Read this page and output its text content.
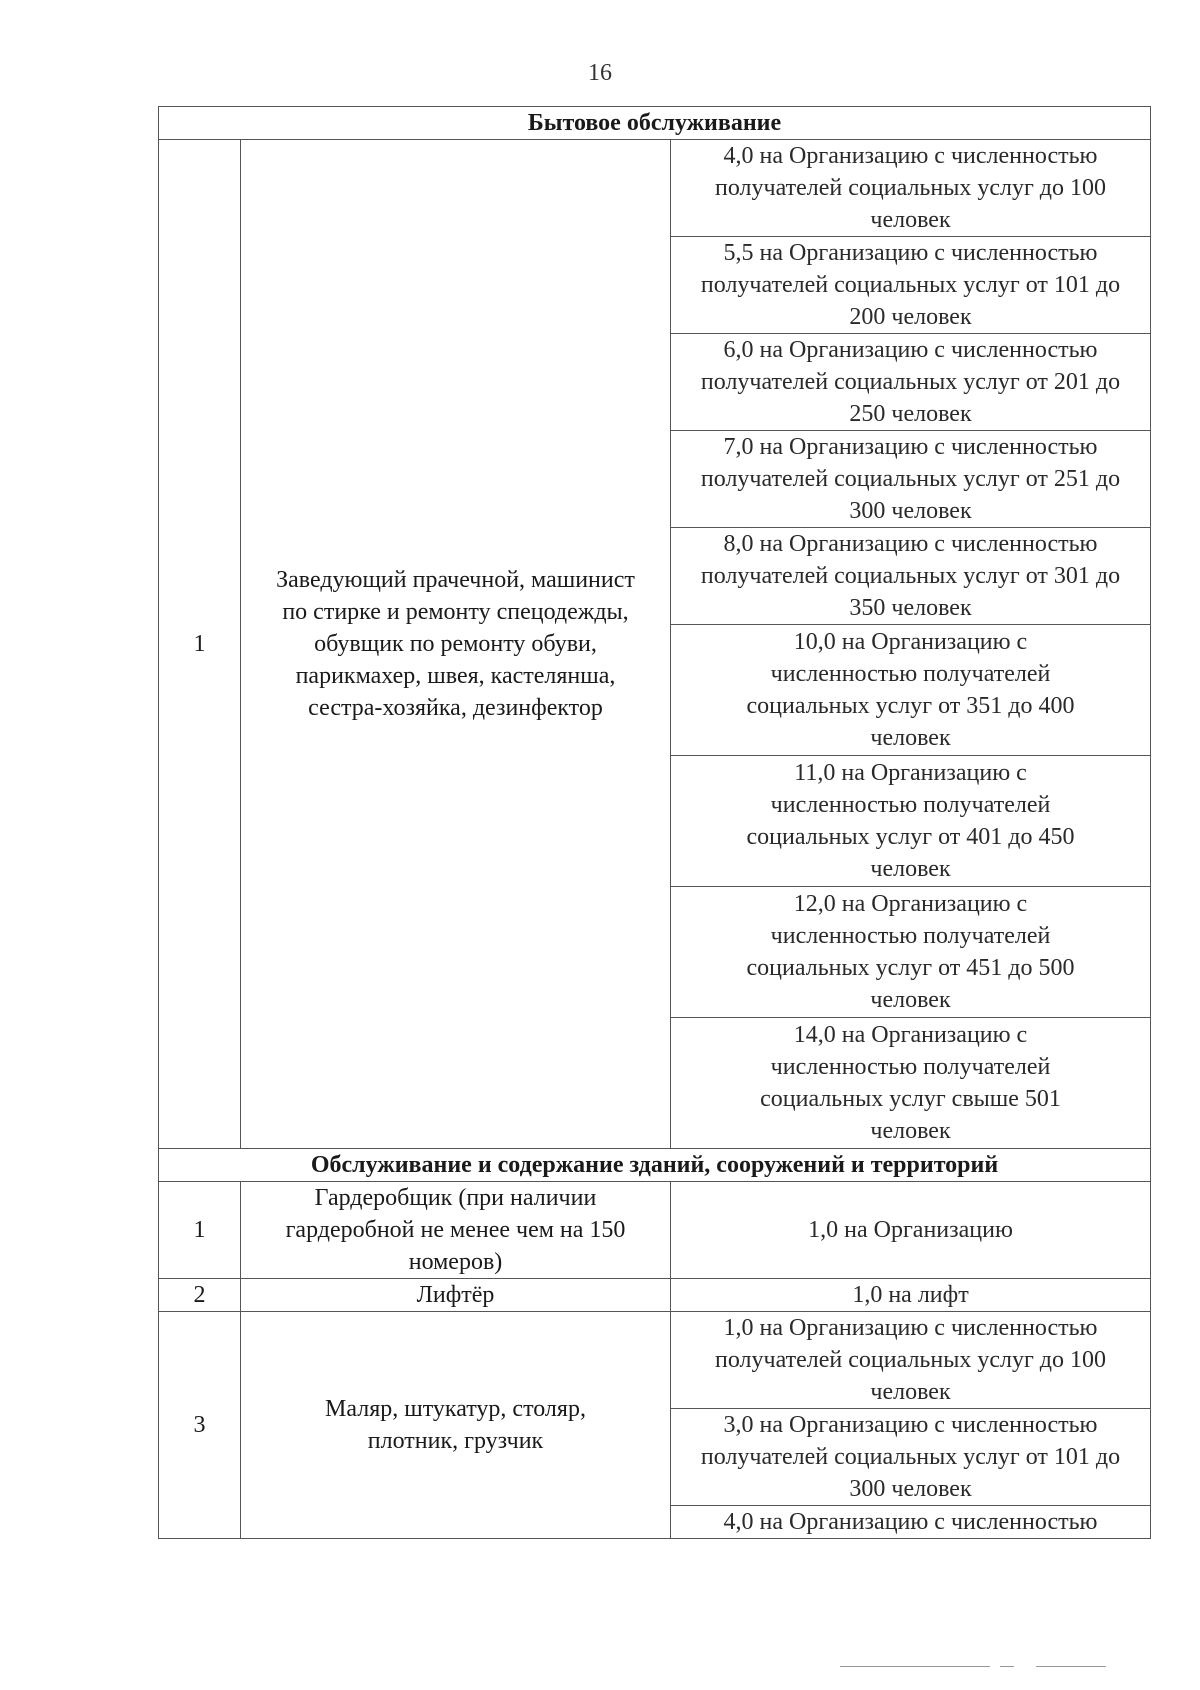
16
Бытовое обслуживание		
1	Заведующий прачечной, машинист по стирке и ремонту спецодежды, обувщик по ремонту обуви, парикмахер, швея, кастелянша, сестра-хозяйка, дезинфектор	4,0 на Организацию с численностью получателей социальных услуг до 100 человек
		5,5 на Организацию с численностью получателей социальных услуг от 101 до 200 человек
		6,0 на Организацию с численностью получателей социальных услуг от 201 до 250 человек
		7,0 на Организацию с численностью получателей социальных услуг от 251 до 300 человек
		8,0 на Организацию с численностью получателей социальных услуг от 301 до 350 человек
		10,0 на Организацию с численностью получателей социальных услуг от 351 до 400 человек
		11,0 на Организацию с численностью получателей социальных услуг от 401 до 450 человек
		12,0 на Организацию с численностью получателей социальных услуг от 451 до 500 человек
		14,0 на Организацию с численностью получателей социальных услуг свыше 501 человек
Обслуживание и содержание зданий, сооружений и территорий		
1	Гардеробщик (при наличии гардеробной не менее чем на 150 номеров)	1,0 на Организацию
2	Лифтёр	1,0 на лифт
3	Маляр, штукатур, столяр, плотник, грузчик	1,0 на Организацию с численностью получателей социальных услуг до 100 человек
		3,0 на Организацию с численностью получателей социальных услуг от 101 до 300 человек
		4,0 на Организацию с численностью
